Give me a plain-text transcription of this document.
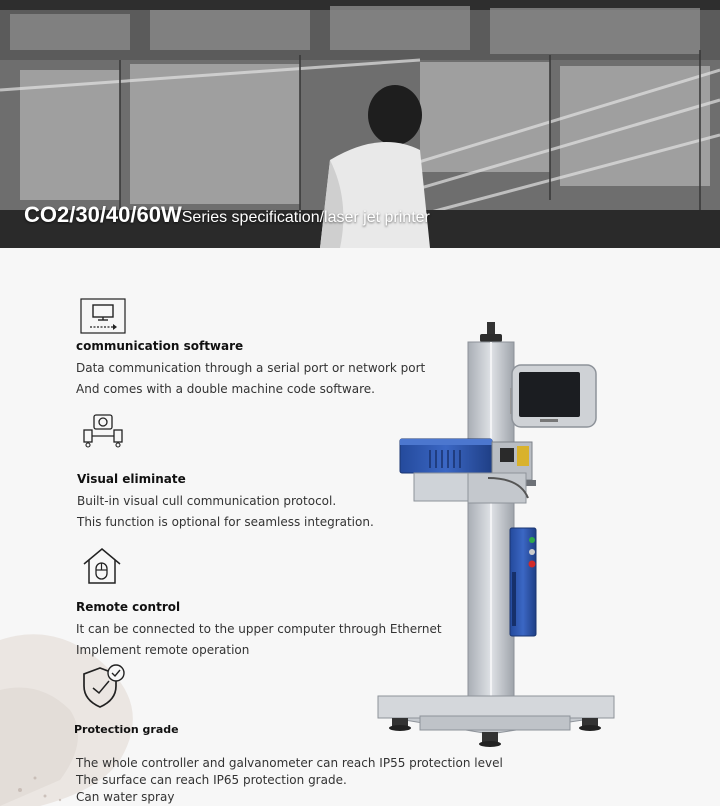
CO2/30/40/60WSeries specification/laser jet printer
communication software
Data communication through a serial port or network port
And comes with a double machine code software.
Visual eliminate
Built-in visual cull communication protocol.
This function is optional for seamless integration.
Remote control
It can be connected to the upper computer through Ethernet
Implement remote operation
Protection grade
The whole controller and galvanometer can reach IP55 protection level
The surface can reach IP65 protection grade.
Can water spray
